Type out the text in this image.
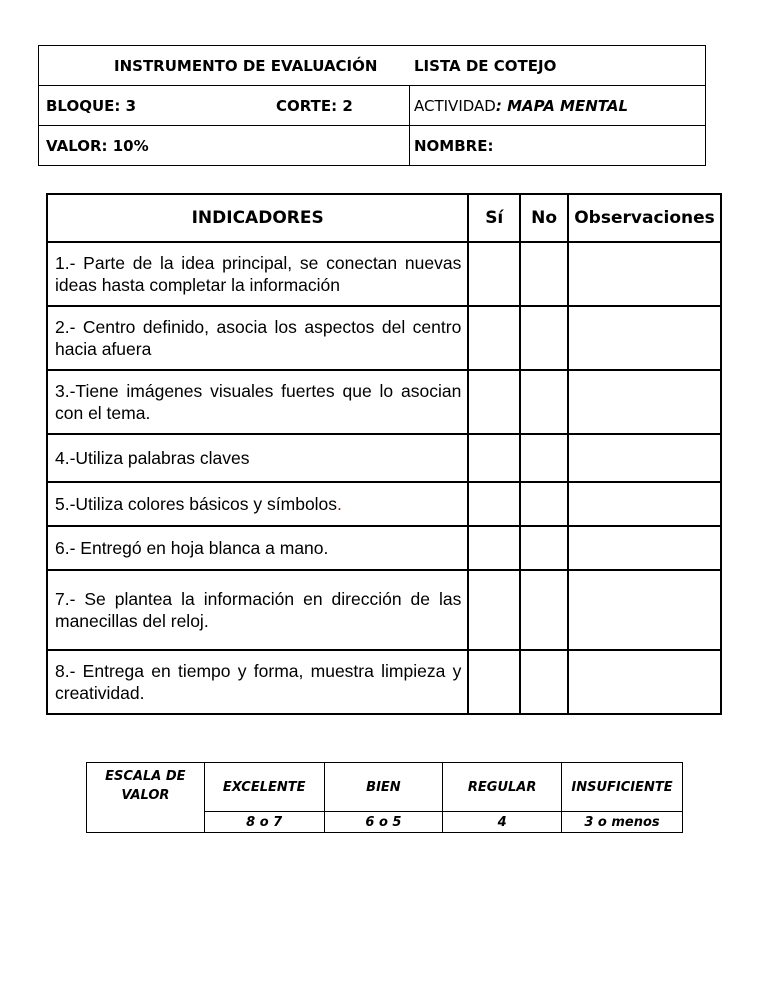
INSTRUMENTO DE EVALUACIÓN LISTA DE COTEJO
BLOQUE: 3	CORTE: 2	ACTIVIDAD : MAPA MENTAL
VALOR: 10%	NOMBRE:
INDICADORES	Sí	No	Observaciones
1.- Parte de la idea principal, se conectan nuevas ideas hasta completar la información			
2.- Centro definido, asocia los aspectos del centro hacia afuera			
3.-Tiene imágenes visuales fuertes que lo asocian con el tema.			
4.-Utiliza palabras claves			
5.-Utiliza colores básicos y símbolos.			
6.- Entregó en hoja blanca a mano.			
7.- Se plantea la información en dirección de las manecillas del reloj.			
8.- Entrega en tiempo y forma, muestra limpieza y creatividad.			
ESCALA DE VALOR	EXCELENTE	BIEN	REGULAR	INSUFICIENTE
	8 o 7	6 o 5	4	3 o menos
